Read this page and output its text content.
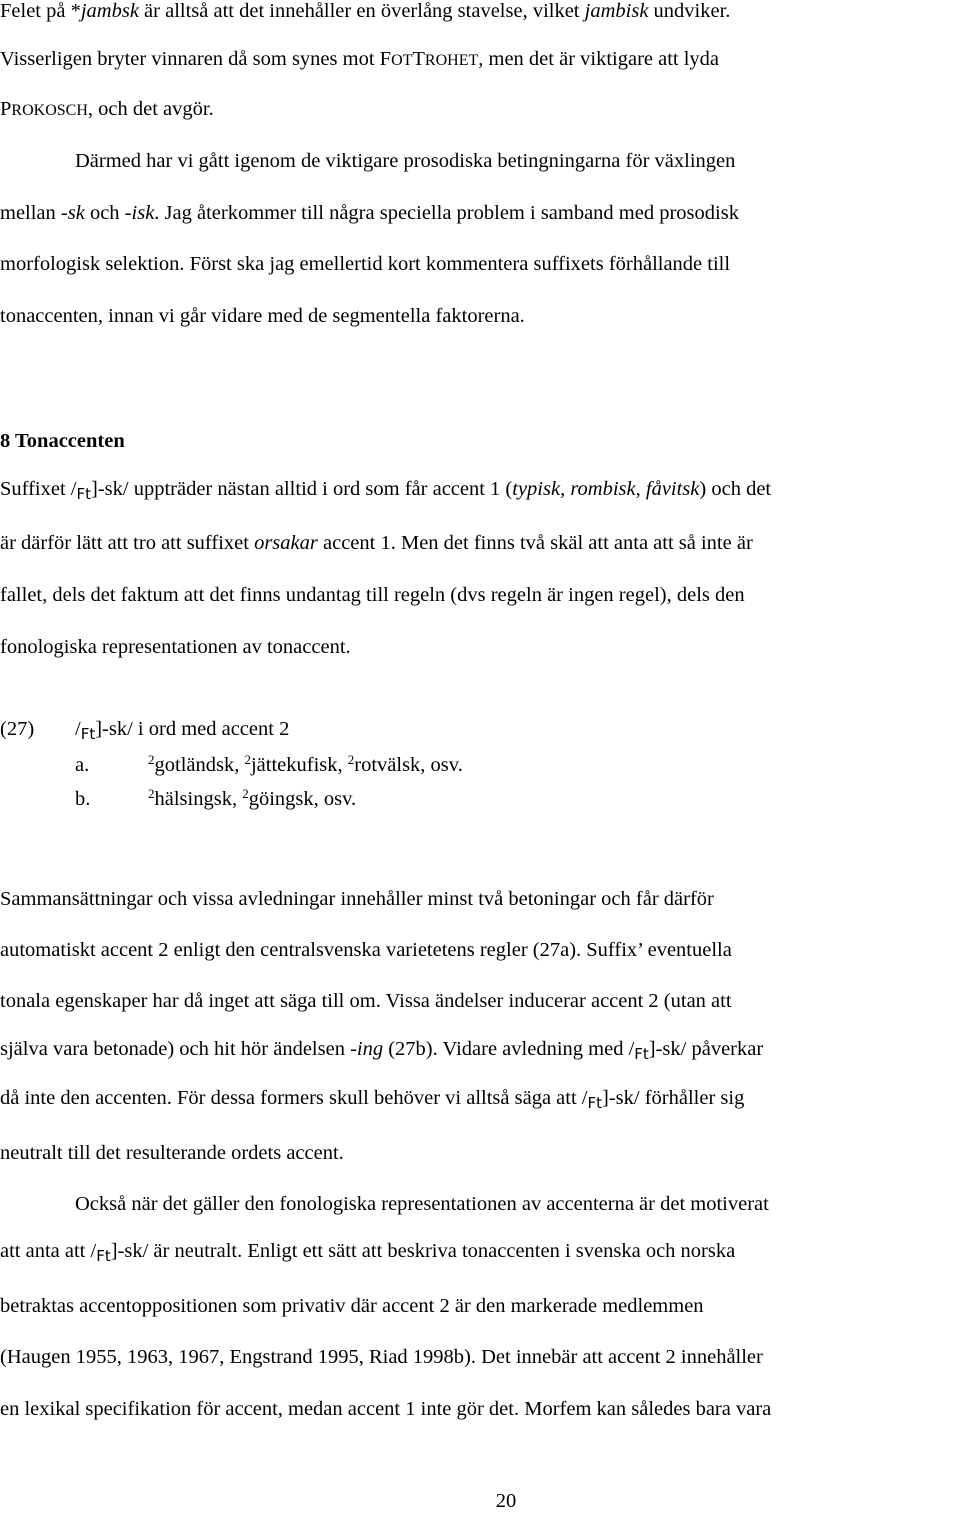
Felet på *jambsk är alltså att det innehåller en överlång stavelse, vilket jambisk undviker.
Visserligen bryter vinnaren då som synes mot FOTTROHET, men det är viktigare att lyda
PROKOSCH, och det avgör.
Därmed har vi gått igenom de viktigare prosodiska betingningarna för växlingen
mellan -sk och -isk. Jag återkommer till några speciella problem i samband med prosodisk
morfologisk selektion. Först ska jag emellertid kort kommentera suffixets förhållande till
tonaccenten, innan vi går vidare med de segmentella faktorerna.
8 Tonaccenten
Suffixet /Ft]-sk/ uppträder nästan alltid i ord som får accent 1 (typisk, rombisk, fåvitsk) och det
är därför lätt att tro att suffixet orsakar accent 1. Men det finns två skäl att anta att så inte är
fallet, dels det faktum att det finns undantag till regeln (dvs regeln är ingen regel), dels den
fonologiska representationen av tonaccent.
(27) /Ft]-sk/ i ord med accent 2
a.	$^2$gotländsk, $^2$jättekufisk, $^2$rotvälsk, osv.
b.	$^2$hälsingsk, $^2$göingsk, osv.
Sammansättningar och vissa avledningar innehåller minst två betoningar och får därför
automatiskt accent 2 enligt den centralsvenska varietetens regler (27a). Suffix’ eventuella
tonala egenskaper har då inget att säga till om. Vissa ändelser inducerar accent 2 (utan att
själva vara betonade) och hit hör ändelsen -ing (27b). Vidare avledning med /Ft]-sk/ påverkar
då inte den accenten. För dessa formers skull behöver vi alltså säga att /Ft]-sk/ förhåller sig
neutralt till det resulterande ordets accent.
Också när det gäller den fonologiska representationen av accenterna är det motiverat
att anta att /Ft]-sk/ är neutralt. Enligt ett sätt att beskriva tonaccenten i svenska och norska
betraktas accentoppositionen som privativ där accent 2 är den markerade medlemmen
(Haugen 1955, 1963, 1967, Engstrand 1995, Riad 1998b). Det innebär att accent 2 innehåller
en lexikal specifikation för accent, medan accent 1 inte gör det. Morfem kan således bara vara
20
